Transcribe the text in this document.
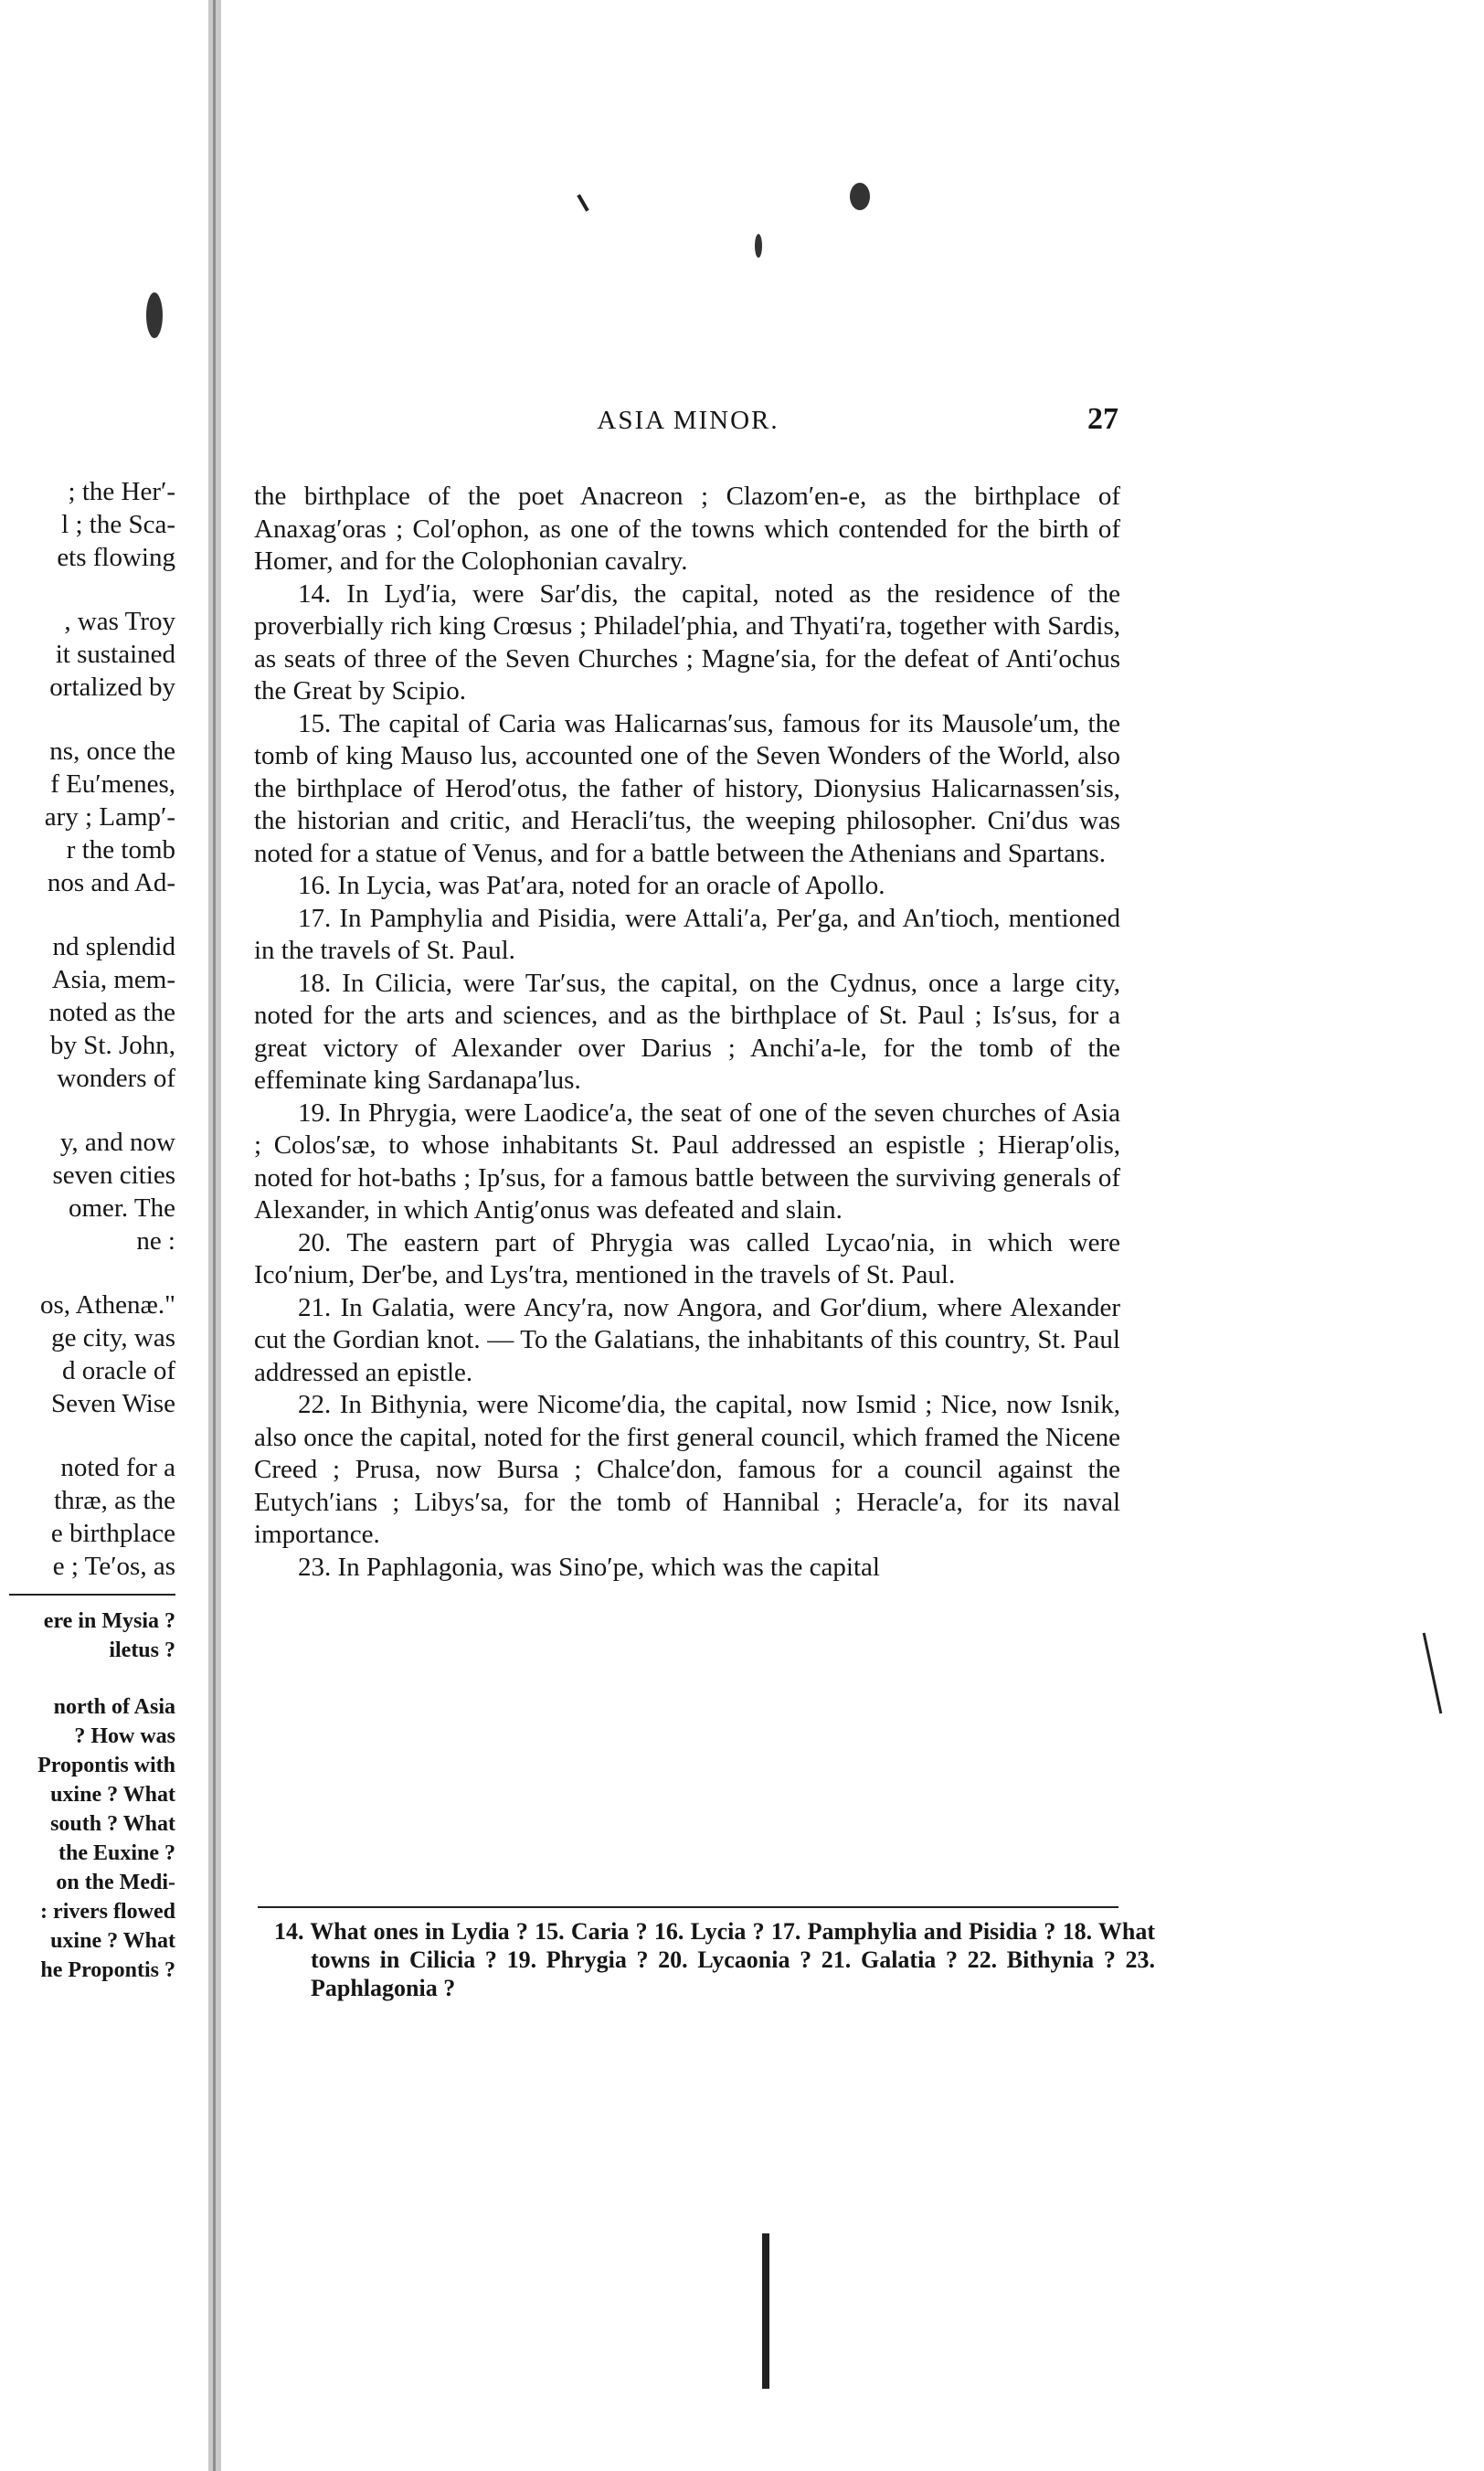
; the Her′-
l ; the Sca-
ets flowing
, was Troy
it sustained
ortalized by
ns, once the
f Eu′menes,
ary ; Lamp′-
r the tomb
nos and Ad-
nd splendid
Asia, mem-
noted as the
by St. John,
wonders of
y, and now
seven cities
omer. The
ne :
os, Athenæ."
ge city, was
d oracle of
Seven Wise
noted for a
thræ, as the
e birthplace
e ; Te′os, as
ere in Mysia ?
iletus ?
north of Asia
? How was
Propontis with
uxine ? What
south ? What
the Euxine ?
on the Medi-
: rivers flowed
uxine ? What
he Propontis ?
ASIA MINOR.	27

the birthplace of the poet Anacreon ; Clazom′en-e, as the birthplace of Anaxag′oras ; Col′ophon, as one of the towns which contended for the birth of Homer, and for the Colophonian cavalry.

14. In Lyd′ia, were Sar′dis, the capital, noted as the residence of the proverbially rich king Crœsus ; Philadel′phia, and Thyati′ra, together with Sardis, as seats of three of the Seven Churches ; Magne′sia, for the defeat of Anti′ochus the Great by Scipio.

15. The capital of Caria was Halicarnas′sus, famous for its Mausole′um, the tomb of king Mauso lus, accounted one of the Seven Wonders of the World, also the birthplace of Herod′otus, the father of history, Dionysius Halicarnassen′sis, the historian and critic, and Heracli′tus, the weeping philosopher. Cni′dus was noted for a statue of Venus, and for a battle between the Athenians and Spartans.

16. In Lycia, was Pat′ara, noted for an oracle of Apollo.

17. In Pamphylia and Pisidia, were Attali′a, Per′ga, and An′tioch, mentioned in the travels of St. Paul.

18. In Cilicia, were Tar′sus, the capital, on the Cydnus, once a large city, noted for the arts and sciences, and as the birthplace of St. Paul ; Is′sus, for a great victory of Alexander over Darius ; Anchi′a-le, for the tomb of the effeminate king Sardanapa′lus.

19. In Phrygia, were Laodice′a, the seat of one of the seven churches of Asia ; Colos′sæ, to whose inhabitants St. Paul addressed an espistle ; Hierap′olis, noted for hot-baths ; Ip′sus, for a famous battle between the surviving generals of Alexander, in which Antig′onus was defeated and slain.

20. The eastern part of Phrygia was called Lycao′nia, in which were Ico′nium, Der′be, and Lys′tra, mentioned in the travels of St. Paul.

21. In Galatia, were Ancy′ra, now Angora, and Gor′dium, where Alexander cut the Gordian knot. — To the Galatians, the inhabitants of this country, St. Paul addressed an epistle.

22. In Bithynia, were Nicome′dia, the capital, now Ismid ; Nice, now Isnik, also once the capital, noted for the first general council, which framed the Nicene Creed ; Prusa, now Bursa ; Chalce′don, famous for a council against the Eutych′ians ; Libys′sa, for the tomb of Hannibal ; Heracle′a, for its naval importance.

23. In Paphlagonia, was Sino′pe, which was the capital

14. What ones in Lydia ? 15. Caria ? 16. Lycia ? 17. Pamphylia and Pisidia ? 18. What towns in Cilicia ? 19. Phrygia ? 20. Lycaonia ? 21. Galatia ? 22. Bithynia ? 23. Paphlagonia ?
